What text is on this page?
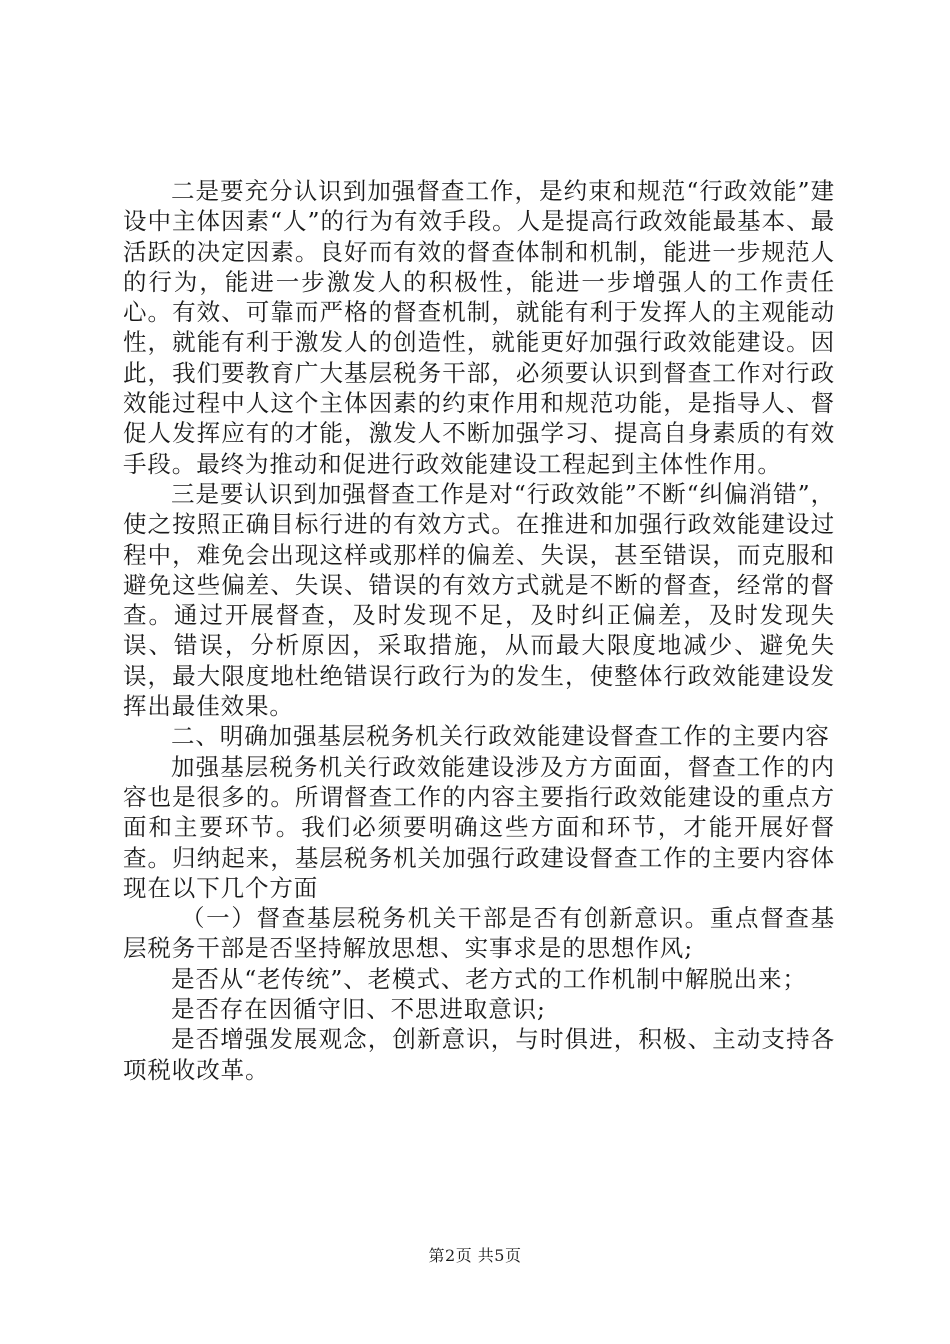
二是要充分认识到加强督查工作，是约束和规范“行政效能”建设中主体因素“人”的行为有效手段。人是提高行政效能最基本、最活跃的决定因素。良好而有效的督查体制和机制，能进一步规范人的行为，能进一步激发人的积极性，能进一步增强人的工作责任心。有效、可靠而严格的督查机制，就能有利于发挥人的主观能动性，就能有利于激发人的创造性，就能更好加强行政效能建设。因此，我们要教育广大基层税务干部，必须要认识到督查工作对行政效能过程中人这个主体因素的约束作用和规范功能，是指导人、督促人发挥应有的才能，激发人不断加强学习、提高自身素质的有效手段。最终为推动和促进行政效能建设工程起到主体性作用。

三是要认识到加强督查工作是对“行政效能”不断“纠偏消错”，使之按照正确目标行进的有效方式。在推进和加强行政效能建设过程中，难免会出现这样或那样的偏差、失误，甚至错误，而克服和避免这些偏差、失误、错误的有效方式就是不断的督查，经常的督查。通过开展督查，及时发现不足，及时纠正偏差，及时发现失误、错误，分析原因，采取措施，从而最大限度地减少、避免失误，最大限度地杜绝错误行政行为的发生，使整体行政效能建设发挥出最佳效果。

二、明确加强基层税务机关行政效能建设督查工作的主要内容

加强基层税务机关行政效能建设涉及方方面面，督查工作的内容也是很多的。所谓督查工作的内容主要指行政效能建设的重点方面和主要环节。我们必须要明确这些方面和环节，才能开展好督查。归纳起来，基层税务机关加强行政建设督查工作的主要内容体现在以下几个方面

（一）督查基层税务机关干部是否有创新意识。重点督查基层税务干部是否坚持解放思想、实事求是的思想作风;

是否从“老传统”、老模式、老方式的工作机制中解脱出来；

是否存在因循守旧、不思进取意识;

是否增强发展观念，创新意识，与时俱进，积极、主动支持各项税收改革。

第2页 共5页
